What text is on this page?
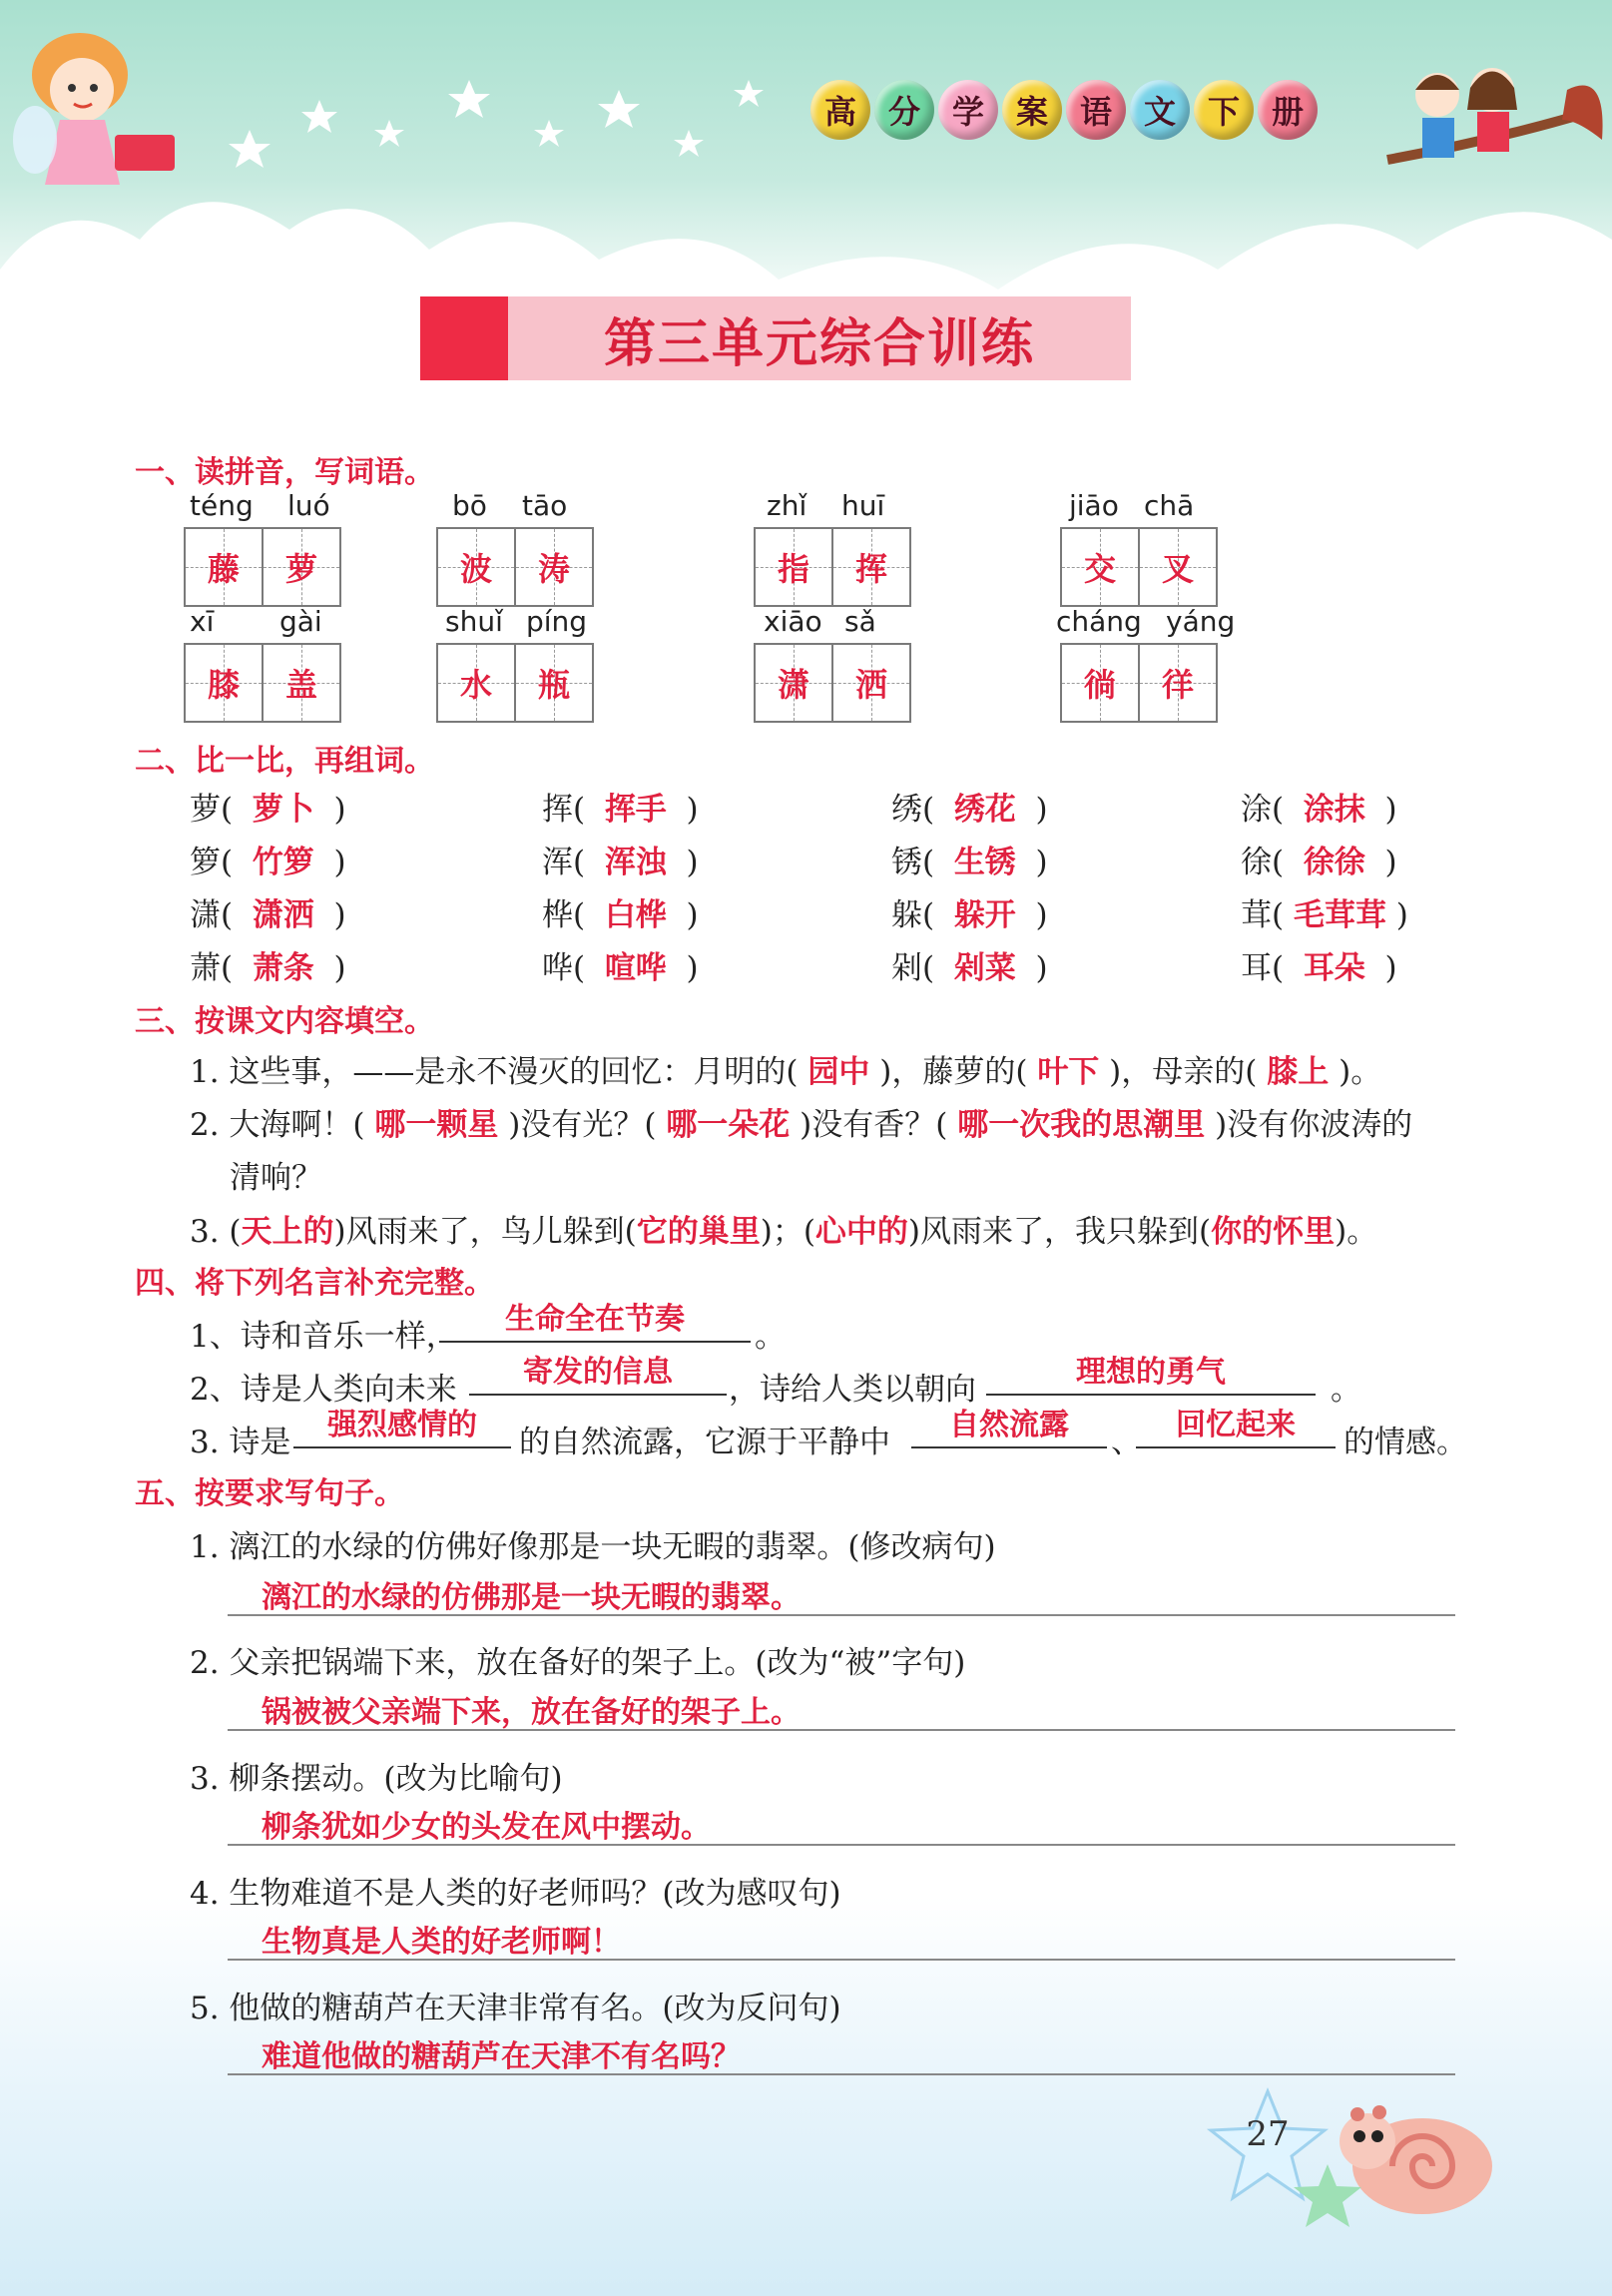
高 分 学 案 语 文 下 册
第三单元综合训练
一、读拼音，写词语。
téng luó	bō tāo	zhǐ huī	jiāo chā
藤 萝	波 涛	指 挥	交 叉
xī gài	shuǐ píng	xiāo sǎ	cháng yáng
膝 盖	水 瓶	潇 洒	徜 徉
二、比一比，再组词。
萝(  萝卜  )	挥(  挥手  )	绣(  绣花  )	涂(  涂抹  )
箩(  竹箩  )	浑(  浑浊  )	锈(  生锈  )	徐(  徐徐  )
潇(  潇洒  )	桦(  白桦  )	躲(  躲开  )	茸( 毛茸茸 )
萧(  萧条  )	哗(  喧哗  )	剁(  剁菜  )	耳(  耳朵  )
三、按课文内容填空。
1. 这些事，——是永不漫灭的回忆：月明的( 园中 )，藤萝的( 叶下 )，母亲的( 膝上 )。
2. 大海啊！( 哪一颗星 )没有光？( 哪一朵花 )没有香？( 哪一次我的思潮里 )没有你波涛的
清响？
3. (天上的)风雨来了，鸟儿躲到(它的巢里)；(心中的)风雨来了，我只躲到(你的怀里)。
四、将下列名言补充完整。
1、诗和音乐一样，	生命全在节奏	。
2、诗是人类向未来	寄发的信息	，诗给人类以朝向	理想的勇气	。
3. 诗是	强烈感情的	的自然流露，它源于平静中	自然流露	、	回忆起来	的情感。
五、按要求写句子。
1. 漓江的水绿的仿佛好像那是一块无暇的翡翠。(修改病句)
漓江的水绿的仿佛那是一块无暇的翡翠。
2. 父亲把锅端下来，放在备好的架子上。(改为“被”字句)
锅被被父亲端下来，放在备好的架子上。
3. 柳条摆动。(改为比喻句)
柳条犹如少女的头发在风中摆动。
4. 生物难道不是人类的好老师吗？(改为感叹句)
生物真是人类的好老师啊！
5. 他做的糖葫芦在天津非常有名。(改为反问句)
难道他做的糖葫芦在天津不有名吗？
27
